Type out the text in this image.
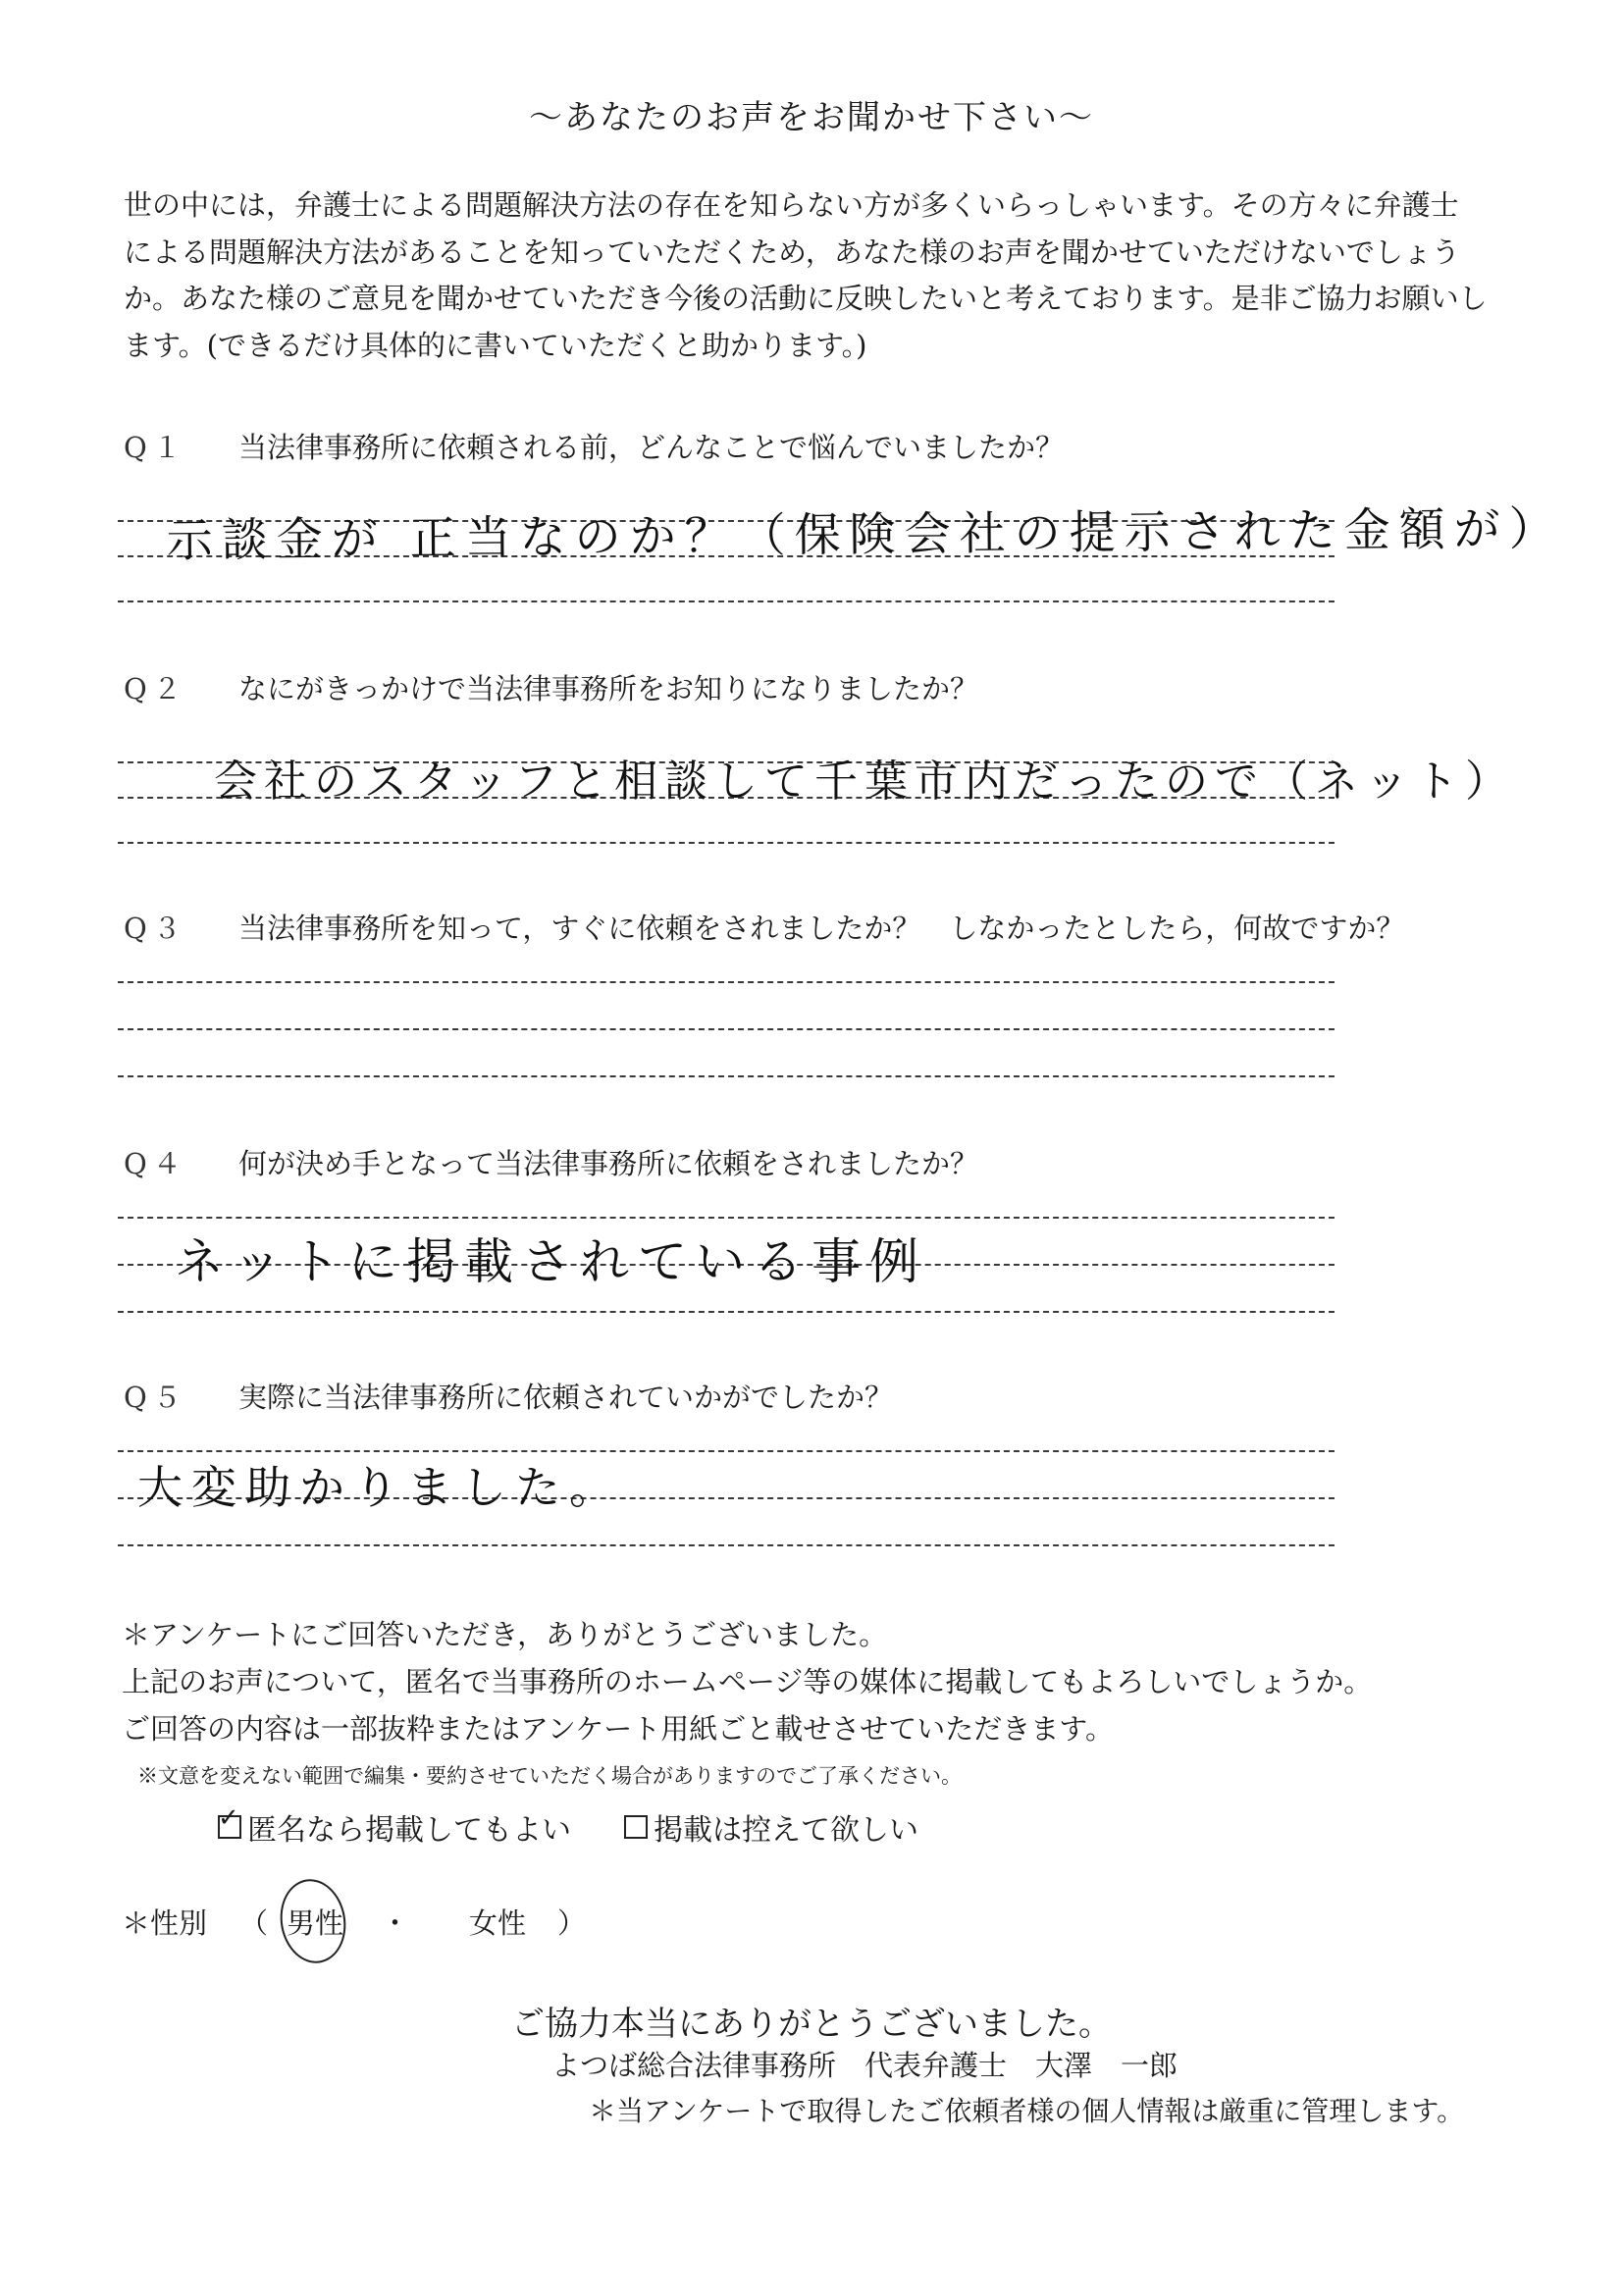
～あなたのお声をお聞かせ下さい～
世の中には，弁護士による問題解決方法の存在を知らない方が多くいらっしゃいます。その方々に弁護士
による問題解決方法があることを知っていただくため，あなた様のお声を聞かせていただけないでしょう
か。あなた様のご意見を聞かせていただき今後の活動に反映したいと考えております。是非ご協力お願いし
ます。(できるだけ具体的に書いていただくと助かります。)
Q１ 当法律事務所に依頼される前，どんなことで悩んでいましたか？
示談金が 正当なのか？（保険会社の提示された金額が）
Q２ なにがきっかけで当法律事務所をお知りになりましたか？
会社のスタッフと相談して千葉市内だったので（ネット）
Q３ 当法律事務所を知って，すぐに依頼をされましたか？　しなかったとしたら，何故ですか？
Q４ 何が決め手となって当法律事務所に依頼をされましたか？
ネットに掲載されている事例
Q５ 実際に当法律事務所に依頼されていかがでしたか？
大変助かりました。
＊アンケートにご回答いただき，ありがとうございました。
上記のお声について，匿名で当事務所のホームページ等の媒体に掲載してもよろしいでしょうか。
ご回答の内容は一部抜粋またはアンケート用紙ごと載せさせていただきます。
※文意を変えない範囲で編集・要約させていただく場合がありますのでご了承ください。
✓ 匿名なら掲載してもよい	掲載は控えて欲しい
＊性別 （ 男性 ・ 女性 ）
ご協力本当にありがとうございました。
よつば総合法律事務所　代表弁護士　大澤　一郎
＊当アンケートで取得したご依頼者様の個人情報は厳重に管理します。
